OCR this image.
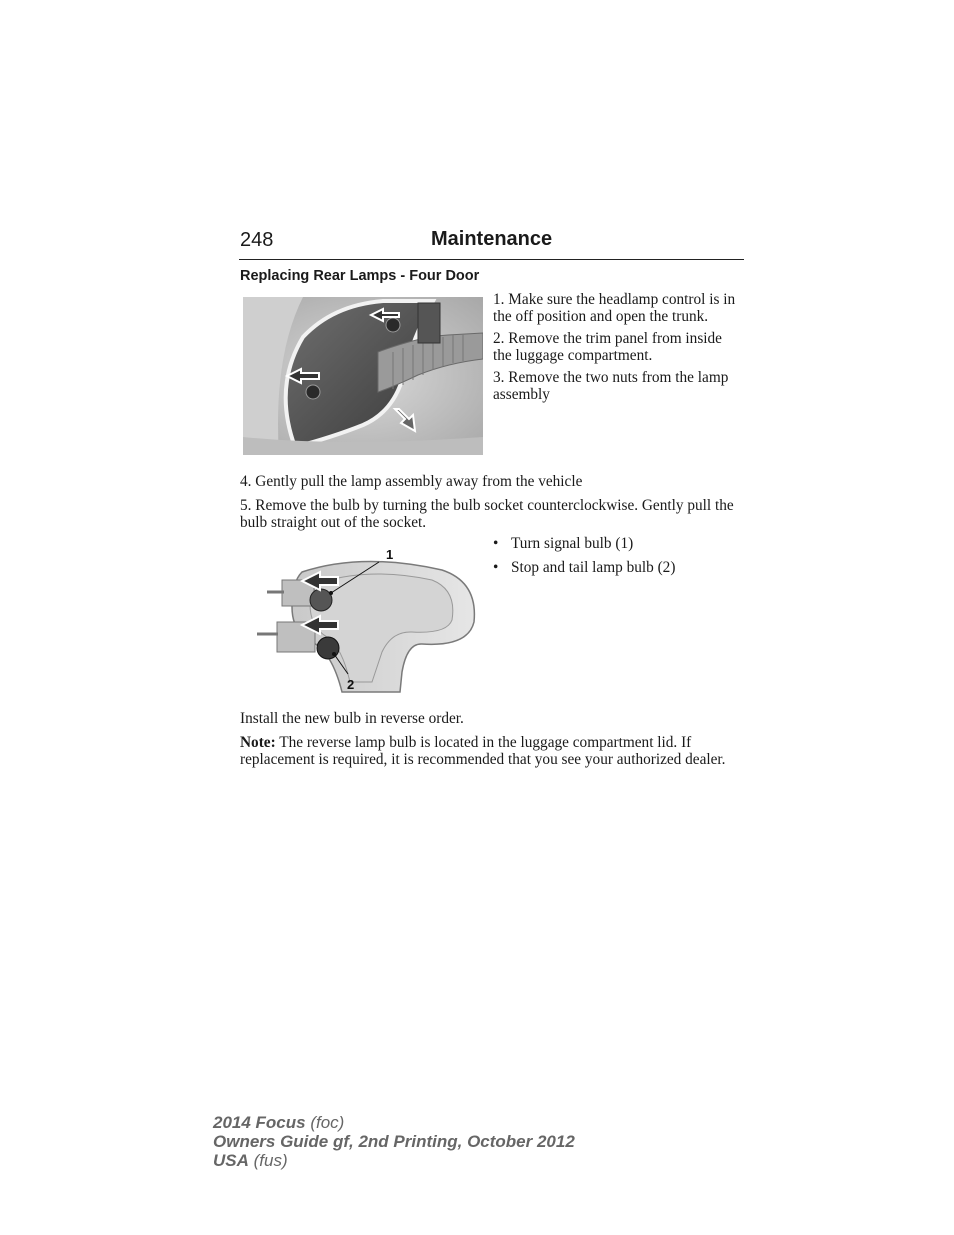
248	Maintenance
Replacing Rear Lamps - Four Door

1. Make sure the headlamp control is in the off position and open the trunk.

2. Remove the trim panel from inside the luggage compartment.

3. Remove the two nuts from the lamp assembly

4. Gently pull the lamp assembly away from the vehicle

5. Remove the bulb by turning the bulb socket counterclockwise. Gently pull the bulb straight out of the socket.

1
2
• Turn signal bulb (1)
• Stop and tail lamp bulb (2)

Install the new bulb in reverse order.

Note: The reverse lamp bulb is located in the luggage compartment lid. If replacement is required, it is recommended that you see your authorized dealer.

2014 Focus (foc)
Owners Guide gf, 2nd Printing, October 2012
USA (fus)
